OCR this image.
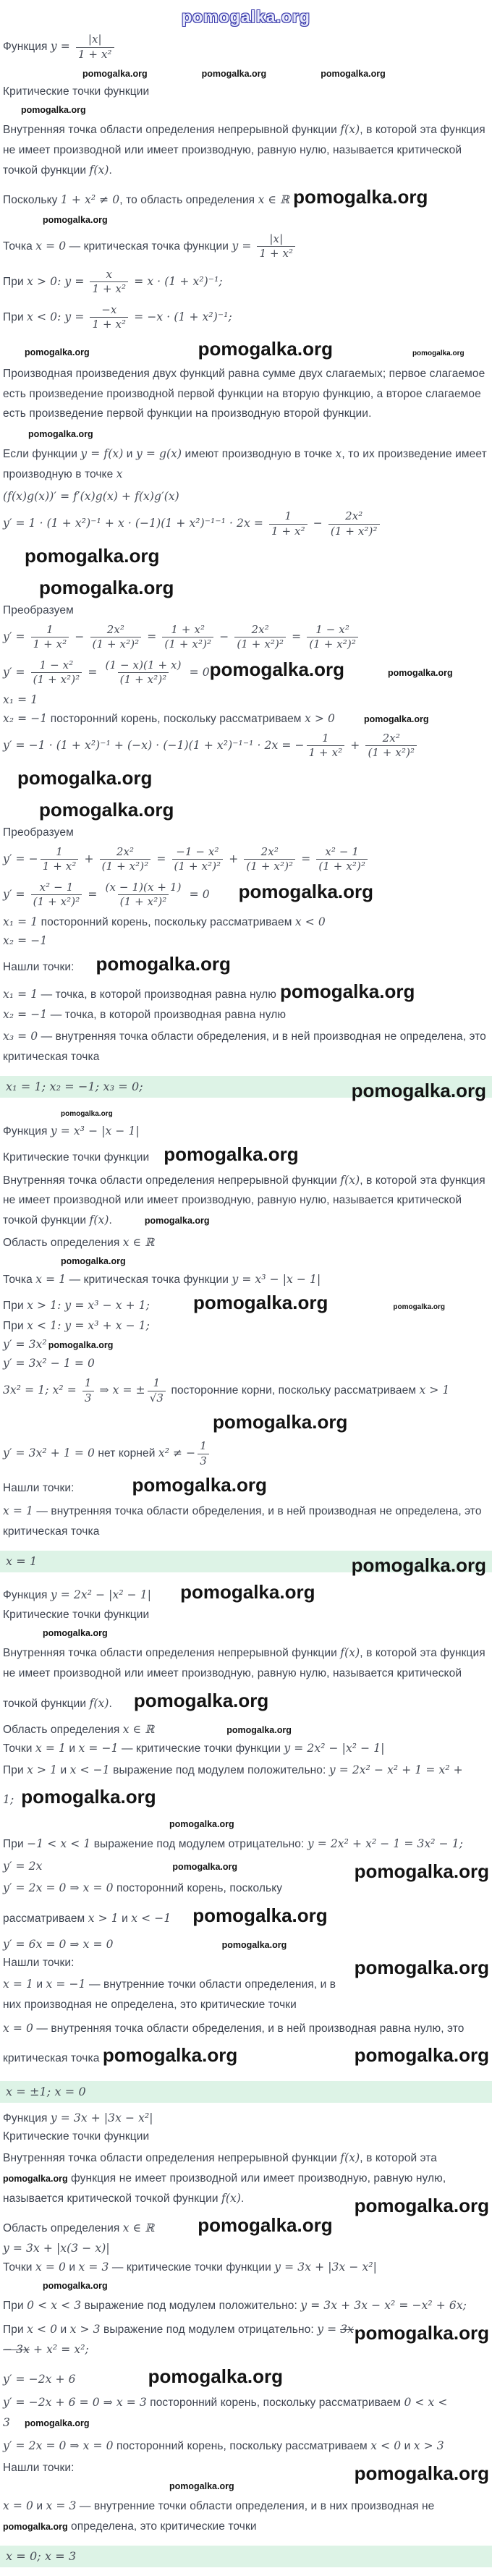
pomogalka.org
Функция $y = \frac{|x|}{\text{1 + x²}}$
pomogalka.org	pomogalka.org	pomogalka.org
Критические точки функции
pomogalka.org
Внутренняя точка области определения непрерывной функции f(x), в которой эта функция не имеет производной или имеет производную, равную нулю, называется критической точкой функции f(x).
Поскольку 1 + x² ≠ 0, то область определения x ∈ ℝ pomogalka.org
pomogalka.org
Точка x = 0 — критическая точка функции $y = \frac{|x|}{\text{1 + x²}}$
При x > 0: $y = \frac{x}{\text{1 + x²}} = x \cdot (1 + x^2)^{-1}$;
При x < 0: $y = \frac{-x}{\text{1 + x²}} = -x \cdot (1 + x^2)^{-1}$;
pomogalka.org	pomogalka.org	pomogalka.org
Производная произведения двух функций равна сумме двух слагаемых; первое слагаемое есть произведение производной первой функции на вторую функцию, а второе слагаемое есть произведение первой функции на производную второй функции.
pomogalka.org
Если функции y = f(x) и y = g(x) имеют производную в точке x, то их произведение имеет производную в точке x
(f(x)g(x))′ = f′(x)g(x) + f(x)g′(x)
$y' = 1 \cdot (1 + x^2)^{-1} + x \cdot (-1)(1 + x^2)^{-1-1} \cdot 2x = \frac{1}{\text{1 + x²}} - \frac{\text{2x²}}{\text{(1 + x²)²}}$
pomogalka.org
pomogalka.org
Преобразуем
$y' = \frac{1}{\text{1 + x²}} - \frac{\text{2x²}}{\text{(1 + x²)²}} = \frac{\text{1 + x²}}{\text{(1 + x²)²}} - \frac{\text{2x²}}{\text{(1 + x²)²}} = \frac{\text{1 − x²}}{\text{(1 + x²)²}}$
$y' = \frac{\text{1 − x²}}{\text{(1 + x²)²}} = \frac{(1 - x)(1 + x)}{\text{(1 + x²)²}}$ = 0pomogalka.org	pomogalka.org
x₁ = 1
x₂ = −1 посторонний корень, поскольку рассматриваем x > 0	pomogalka.org
y′ = −1 · (1 + x²)⁻¹ + (−x) · (−1)(1 + x²)⁻¹⁻¹ · 2x = − $\frac{1}{\text{1 + x²}} + \frac{\text{2x²}}{\text{(1 + x²)²}}$
pomogalka.org
pomogalka.org
Преобразуем
y′ = − $\frac{1}{\text{1 + x²}} + \frac{\text{2x²}}{\text{(1 + x²)²}} = \frac{\text{−1 − x²}}{\text{(1 + x²)²}} + \frac{\text{2x²}}{\text{(1 + x²)²}} = \frac{\text{x² − 1}}{\text{(1 + x²)²}}$
$y' = \frac{\text{x² − 1}}{\text{(1 + x²)²}} = \frac{(x - 1)(x + 1)}{\text{(1 + x²)²}} = 0$ pomogalka.org
x₁ = 1 посторонний корень, поскольку рассматриваем x < 0
x₂ = −1
Нашли точки: pomogalka.org
x₁ = 1 — точка, в которой производная равна нулю pomogalka.org
x₂ = −1 — точка, в которой производная равна нулю
x₃ = 0 — внутренняя точка области обределения, и в ней производная не определена, это критическая точка
x₁ = 1; x₂ = −1; x₃ = 0;	pomogalka.org
pomogalka.org
Функция y = x³ − |x − 1|
Критические точки функции pomogalka.org
Внутренняя точка области определения непрерывной функции f(x), в которой эта функция не имеет производной или имеет производную, равную нулю, называется критической точкой функции f(x).	pomogalka.org
Область определения x ∈ ℝ
pomogalka.org
Точка x = 1 — критическая точка функции y = x³ − |x − 1|
При x > 1: y = x³ − x + 1; pomogalka.org	pomogalka.org
При x < 1: y = x³ + x − 1;
y′ = 3x² pomogalka.org
y′ = 3x² − 1 = 0
3x² = 1; $x^2 = \frac{1}{3}$ ⇒ x = ± $\frac{1}{√3}$ посторонние корни, поскольку рассматриваем x > 1
pomogalka.org
y′ = 3x² + 1 = 0 нет корней x² ≠ − $\frac{1}{3}$
Нашли точки:	pomogalka.org
x = 1 — внутренняя точка области обределения, и в ней производная не определена, это критическая точка
x = 1	pomogalka.org
Функция y = 2x² − |x² − 1| pomogalka.org
Критические точки функции
pomogalka.org
Внутренняя точка области определения непрерывной функции f(x), в которой эта функция не имеет производной или имеет производную, равную нулю, называется критической точкой функции f(x). pomogalka.org
Область определения x ∈ ℝ	pomogalka.org
Точки x = 1 и x = −1 — критические точки функции y = 2x² − |x² − 1|
При x > 1 и x < −1 выражение под модулем положительно: y = 2x² − x² + 1 = x² + 1; pomogalka.org
pomogalka.org
При −1 < x < 1 выражение под модулем отрицательно: y = 2x² + x² − 1 = 3x² − 1;
pomogalka.org
y′ = 2x	pomogalka.org
y′ = 2x = 0 ⇒ x = 0 посторонний корень, поскольку рассматриваем x > 1 и x < −1 pomogalka.org
y′ = 6x = 0 ⇒ x = 0	pomogalka.org
Нашли точки:	pomogalka.org
x = 1 и x = −1 — внутренние точки области определения, и в них производная не определена, это критические точки
x = 0 — внутренняя точка области обределения, и в ней производная равна нулю, это критическая точка pomogalka.org	pomogalka.org
x = ±1; x = 0
Функция y = 3x + |3x − x²|
Критические точки функции
Внутренняя точка области определения непрерывной функции f(x), в которой эта pomogalka.org функция не имеет производной или имеет производную, равную нулю, называется критической точкой функции f(x).	pomogalka.org
Область определения x ∈ ℝ pomogalka.org
y = 3x + |x(3 − x)|
Точки x = 0 и x = 3 — критические точки функции y = 3x + |3x − x²|
pomogalka.org
При 0 < x < 3 выражение под модулем положительно: y = 3x + 3x − x² = −x² + 6x;
pomogalka.org
При x < 0 и x > 3 выражение под модулем отрицательно: y = 3x − 3x + x² = x²;
y′ = −2x + 6	pomogalka.org
y′ = −2x + 6 = 0 ⇒ x = 3 посторонний корень, поскольку рассматриваем 0 < x < 3 pomogalka.org
y′ = 2x = 0 ⇒ x = 0 посторонний корень, поскольку рассматриваем x < 0 и x > 3
pomogalka.org
Нашли точки:
pomogalka.org
x = 0 и x = 3 — внутренние точки области определения, и в них производная не pomogalka.org определена, это критические точки
x = 0; x = 3
